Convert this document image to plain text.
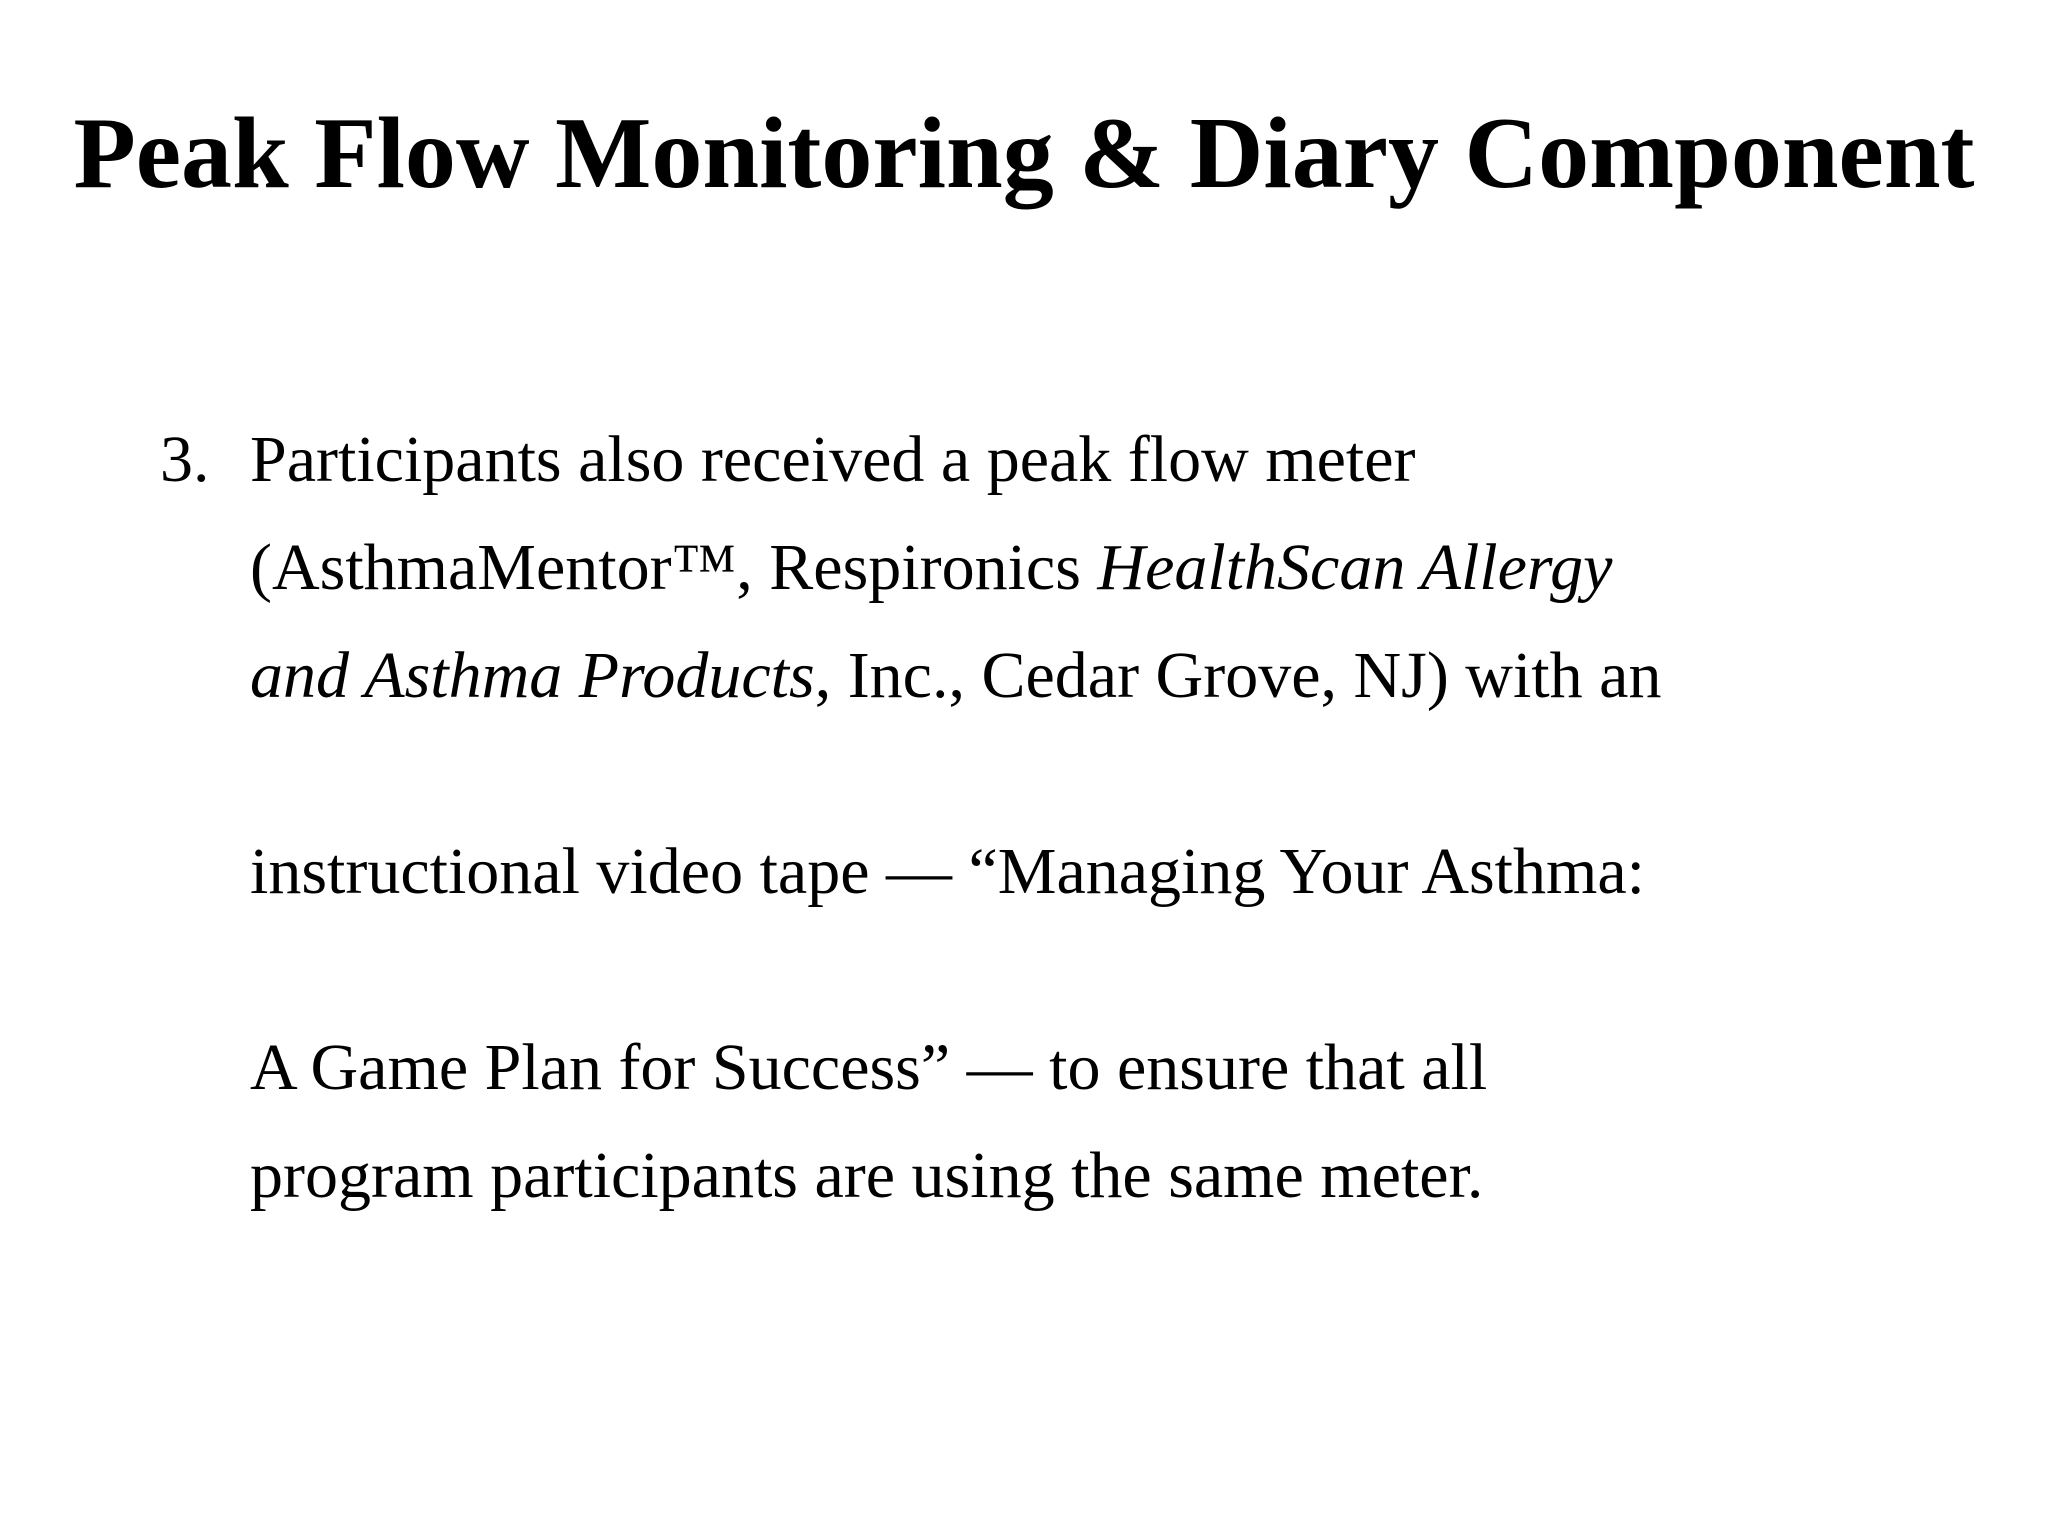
Peak Flow Monitoring & Diary Component
3. Participants also received a peak flow meter
(AsthmaMentor™, Respironics HealthScan Allergy
and Asthma Products, Inc., Cedar Grove, NJ) with an
instructional video tape — “Managing Your Asthma:
A Game Plan for Success” — to ensure that all
program participants are using the same meter.
